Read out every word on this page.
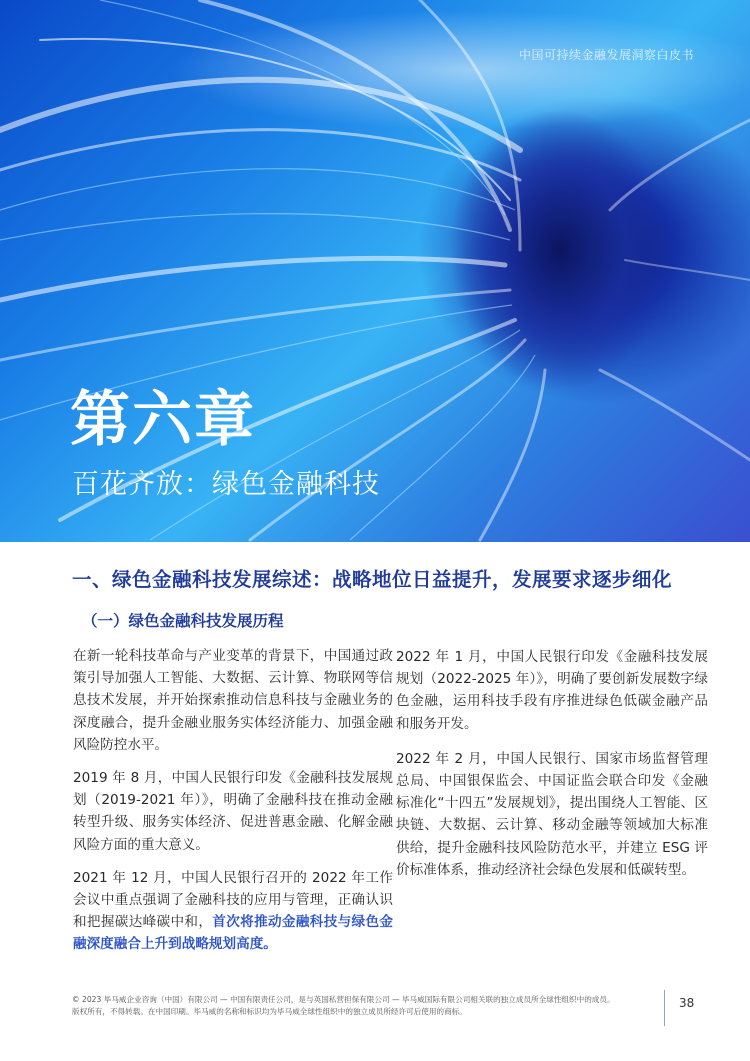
中国可持续金融发展洞察白皮书
第六章
百花齐放：绿色金融科技
一、绿色金融科技发展综述：战略地位日益提升，发展要求逐步细化
（一）绿色金融科技发展历程

在新一轮科技革命与产业变革的背景下，中国通过政策引导加强人工智能、大数据、云计算、物联网等信息技术发展，并开始探索推动信息科技与金融业务的深度融合，提升金融业服务实体经济能力、加强金融风险防控水平。

2019 年 8 月，中国人民银行印发《金融科技发展规划（2019-2021 年）》，明确了金融科技在推动金融转型升级、服务实体经济、促进普惠金融、化解金融风险方面的重大意义。

2021 年 12 月，中国人民银行召开的 2022 年工作会议中重点强调了金融科技的应用与管理，正确认识和把握碳达峰碳中和，首次将推动金融科技与绿色金融深度融合上升到战略规划高度。

2022 年 1 月，中国人民银行印发《金融科技发展规划（2022-2025 年）》，明确了要创新发展数字绿色金融，运用科技手段有序推进绿色低碳金融产品和服务开发。

2022 年 2 月，中国人民银行、国家市场监督管理总局、中国银保监会、中国证监会联合印发《金融标准化“十四五”发展规划》，提出围绕人工智能、区块链、大数据、云计算、移动金融等领域加大标准供给，提升金融科技风险防范水平，并建立 ESG 评价标准体系，推动经济社会绿色发展和低碳转型。

© 2023 毕马威企业咨询（中国）有限公司 — 中国有限责任公司，是与英国私营担保有限公司 — 毕马威国际有限公司相关联的独立成员所全球性组织中的成员。
版权所有，不得转载。在中国印刷。毕马威的名称和标识均为毕马威全球性组织中的独立成员所经许可后使用的商标。
38
